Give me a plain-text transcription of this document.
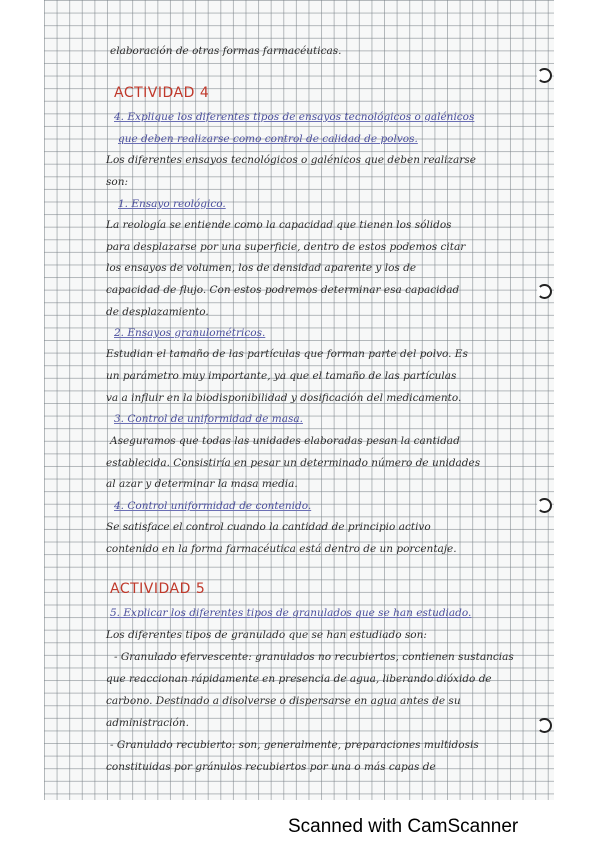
elaboración de otras formas farmacéuticas.
ACTIVIDAD 4
4. Explique los diferentes tipos de ensayos tecnológicos o galénicos
que deben realizarse como control de calidad de polvos.
Los diferentes ensayos tecnológicos o galénicos que deben realizarse
son:
1. Ensayo reológico.
La reología se entiende como la capacidad que tienen los sólidos
para desplazarse por una superficie, dentro de estos podemos citar
los ensayos de volumen, los de densidad aparente y los de
capacidad de flujo. Con estos podremos determinar esa capacidad
de desplazamiento.
2. Ensayos granulométricos.
Estudian el tamaño de las partículas que forman parte del polvo. Es
un parámetro muy importante, ya que el tamaño de las partículas
va a influir en la biodisponibilidad y dosificación del medicamento.
3. Control de uniformidad de masa.
Aseguramos que todas las unidades elaboradas pesan la cantidad
establecida. Consistiría en pesar un determinado número de unidades
al azar y determinar la masa media.
4. Control uniformidad de contenido.
Se satisface el control cuando la cantidad de principio activo
contenido en la forma farmacéutica está dentro de un porcentaje.
ACTIVIDAD 5
5. Explicar los diferentes tipos de granulados que se han estudiado.
Los diferentes tipos de granulado que se han estudiado son:
- Granulado efervescente: granulados no recubiertos, contienen sustancias
que reaccionan rápidamente en presencia de agua, liberando dióxido de
carbono. Destinado a disolverse o dispersarse en agua antes de su
administración.
- Granulado recubierto: son, generalmente, preparaciones multidosis
constituidas por gránulos recubiertos por una o más capas de
Scanned with CamScanner
